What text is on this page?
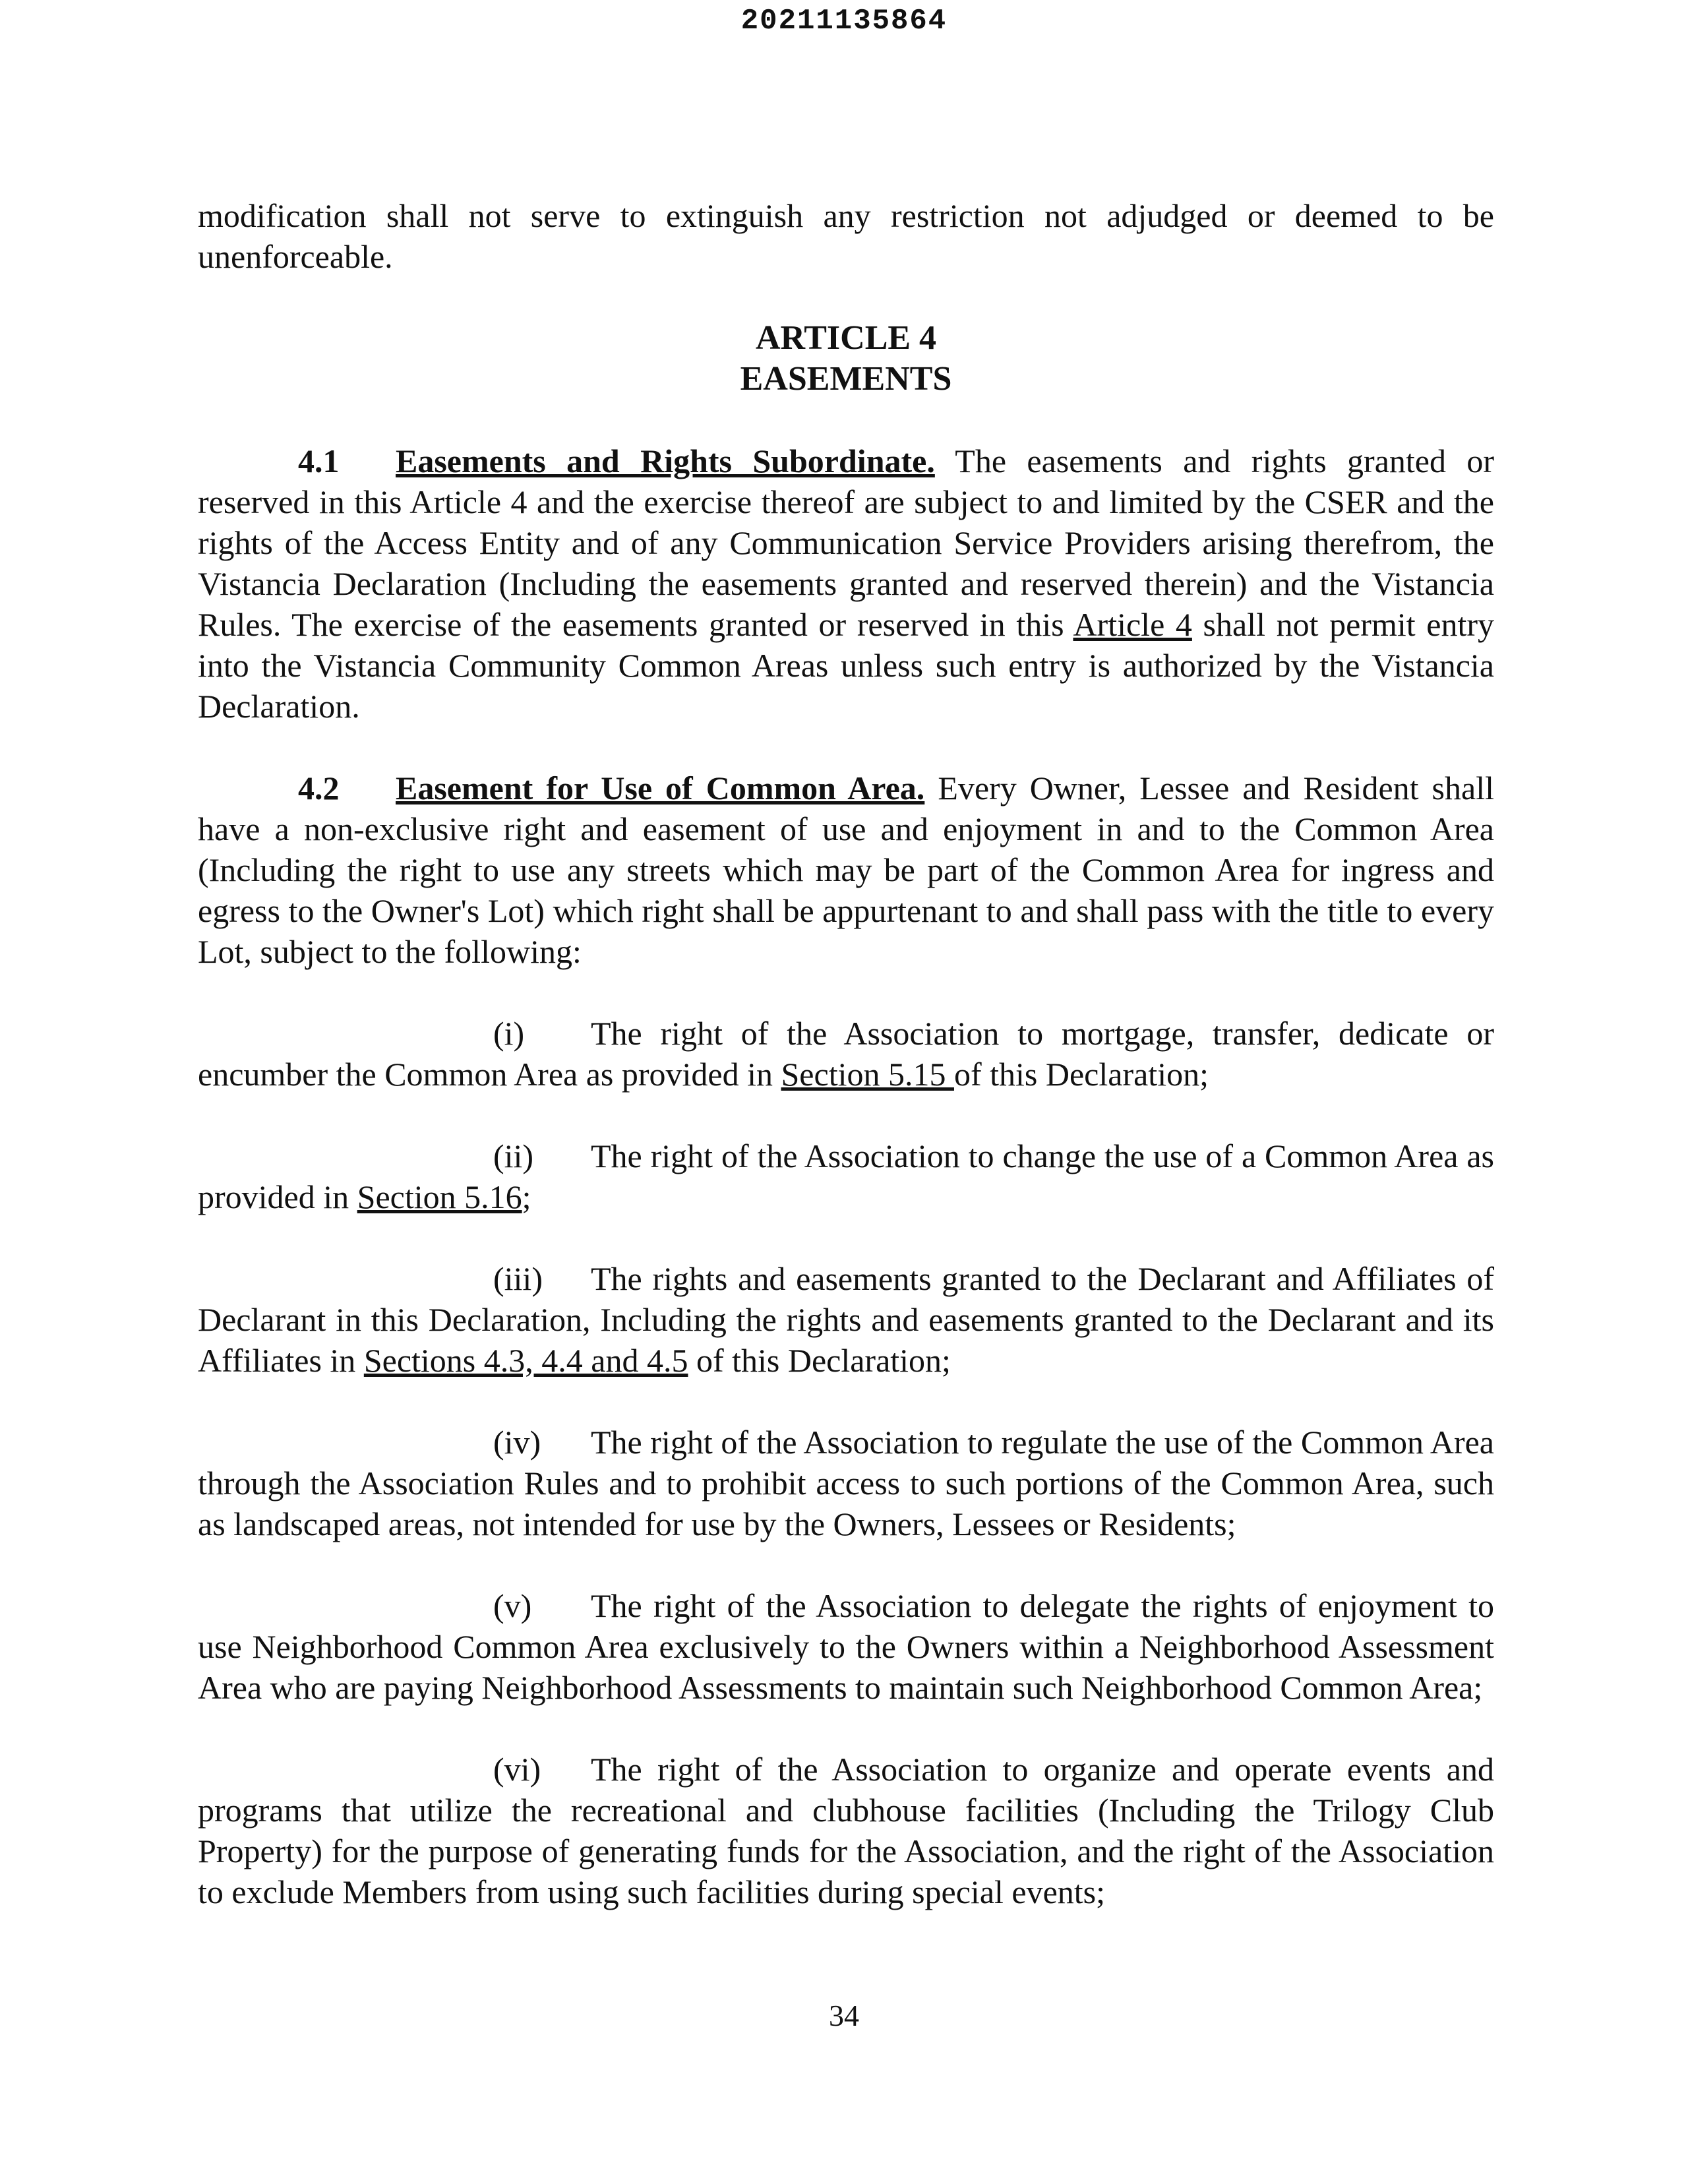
20211135864

modification shall not serve to extinguish any restriction not adjudged or deemed to be unenforceable.

ARTICLE 4
EASEMENTS

4.1 Easements and Rights Subordinate. The easements and rights granted or reserved in this Article 4 and the exercise thereof are subject to and limited by the CSER and the rights of the Access Entity and of any Communication Service Providers arising therefrom, the Vistancia Declaration (Including the easements granted and reserved therein) and the Vistancia Rules. The exercise of the easements granted or reserved in this Article 4 shall not permit entry into the Vistancia Community Common Areas unless such entry is authorized by the Vistancia Declaration.

4.2 Easement for Use of Common Area. Every Owner, Lessee and Resident shall have a non-exclusive right and easement of use and enjoyment in and to the Common Area (Including the right to use any streets which may be part of the Common Area for ingress and egress to the Owner's Lot) which right shall be appurtenant to and shall pass with the title to every Lot, subject to the following:

(i) The right of the Association to mortgage, transfer, dedicate or encumber the Common Area as provided in Section 5.15 of this Declaration;

(ii) The right of the Association to change the use of a Common Area as provided in Section 5.16;

(iii) The rights and easements granted to the Declarant and Affiliates of Declarant in this Declaration, Including the rights and easements granted to the Declarant and its Affiliates in Sections 4.3, 4.4 and 4.5 of this Declaration;

(iv) The right of the Association to regulate the use of the Common Area through the Association Rules and to prohibit access to such portions of the Common Area, such as landscaped areas, not intended for use by the Owners, Lessees or Residents;

(v) The right of the Association to delegate the rights of enjoyment to use Neighborhood Common Area exclusively to the Owners within a Neighborhood Assessment Area who are paying Neighborhood Assessments to maintain such Neighborhood Common Area;

(vi) The right of the Association to organize and operate events and programs that utilize the recreational and clubhouse facilities (Including the Trilogy Club Property) for the purpose of generating funds for the Association, and the right of the Association to exclude Members from using such facilities during special events;

34
